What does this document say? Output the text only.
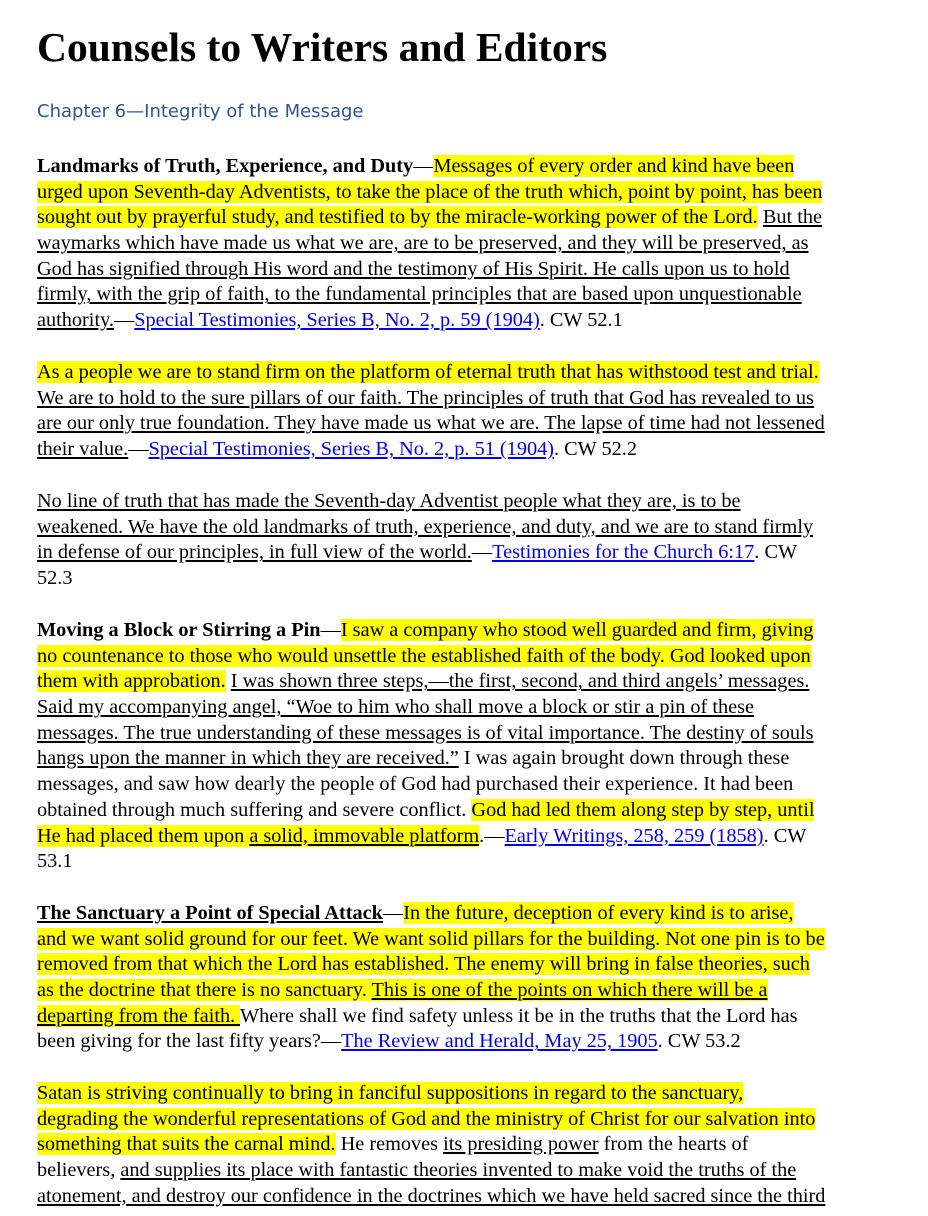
Counsels to Writers and Editors
Chapter 6—Integrity of the Message
Landmarks of Truth, Experience, and Duty—Messages of every order and kind have been
urged upon Seventh-day Adventists, to take the place of the truth which, point by point, has been
sought out by prayerful study, and testified to by the miracle-working power of the Lord. But the
waymarks which have made us what we are, are to be preserved, and they will be preserved, as
God has signified through His word and the testimony of His Spirit. He calls upon us to hold
firmly, with the grip of faith, to the fundamental principles that are based upon unquestionable
authority.—Special Testimonies, Series B, No. 2, p. 59 (1904). CW 52.1
As a people we are to stand firm on the platform of eternal truth that has withstood test and trial.
We are to hold to the sure pillars of our faith. The principles of truth that God has revealed to us
are our only true foundation. They have made us what we are. The lapse of time had not lessened
their value.—Special Testimonies, Series B, No. 2, p. 51 (1904). CW 52.2
No line of truth that has made the Seventh-day Adventist people what they are, is to be
weakened. We have the old landmarks of truth, experience, and duty, and we are to stand firmly
in defense of our principles, in full view of the world.—Testimonies for the Church 6:17. CW
52.3
Moving a Block or Stirring a Pin—I saw a company who stood well guarded and firm, giving
no countenance to those who would unsettle the established faith of the body. God looked upon
them with approbation. I was shown three steps,—the first, second, and third angels’ messages.
Said my accompanying angel, “Woe to him who shall move a block or stir a pin of these
messages. The true understanding of these messages is of vital importance. The destiny of souls
hangs upon the manner in which they are received.” I was again brought down through these
messages, and saw how dearly the people of God had purchased their experience. It had been
obtained through much suffering and severe conflict. God had led them along step by step, until
He had placed them upon a solid, immovable platform.—Early Writings, 258, 259 (1858). CW
53.1
The Sanctuary a Point of Special Attack—In the future, deception of every kind is to arise,
and we want solid ground for our feet. We want solid pillars for the building. Not one pin is to be
removed from that which the Lord has established. The enemy will bring in false theories, such
as the doctrine that there is no sanctuary. This is one of the points on which there will be a
departing from the faith. Where shall we find safety unless it be in the truths that the Lord has
been giving for the last fifty years?—The Review and Herald, May 25, 1905. CW 53.2
Satan is striving continually to bring in fanciful suppositions in regard to the sanctuary,
degrading the wonderful representations of God and the ministry of Christ for our salvation into
something that suits the carnal mind. He removes its presiding power from the hearts of
believers, and supplies its place with fantastic theories invented to make void the truths of the
atonement, and destroy our confidence in the doctrines which we have held sacred since the third
